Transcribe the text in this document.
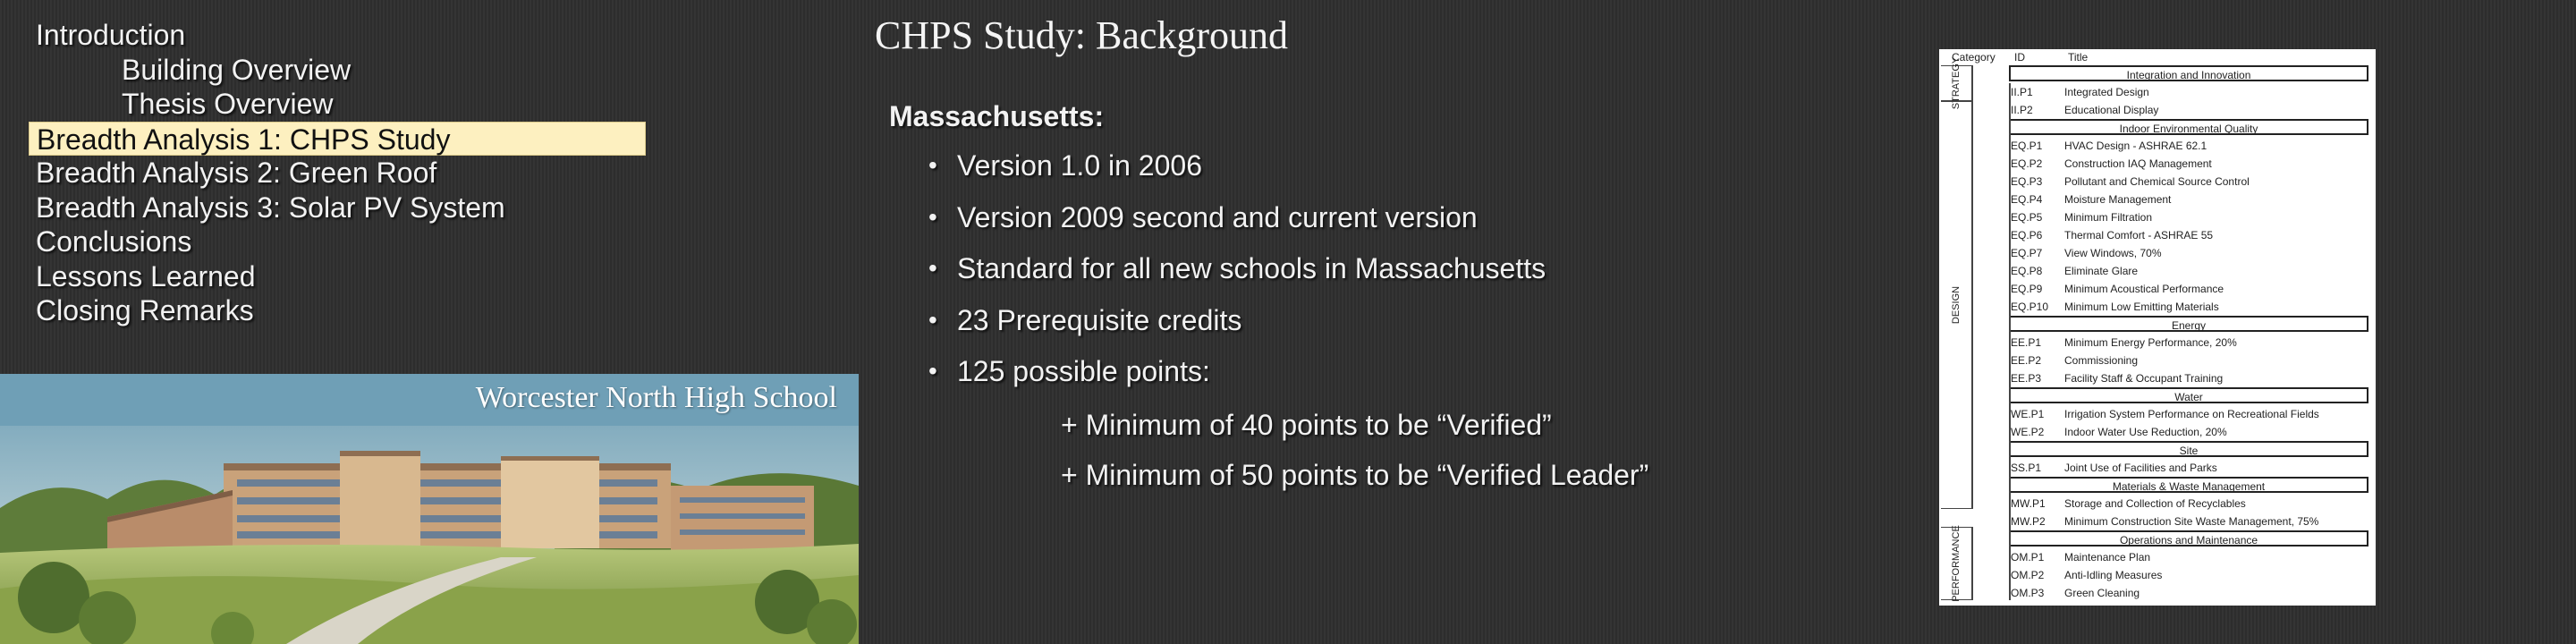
Introduction
Building Overview
Thesis Overview
Breadth Analysis 1: CHPS Study
Breadth Analysis 2: Green Roof
Breadth Analysis 3: Solar PV System
Conclusions
Lessons Learned
Closing Remarks
Worcester North High School
CHPS Study: Background
Massachusetts:
• Version 1.0 in 2006
• Version 2009 second and current version
• Standard for all new schools in Massachusetts
• 23 Prerequisite credits
• 125 possible points:
+ Minimum of 40 points to be “Verified”
+ Minimum of 50 points to be “Verified Leader”
Category ID	Title
STRATEGY
DESIGN
PERFORMANCE
Integration and Innovation
II.P1	Integrated Design
II.P2	Educational Display
Indoor Environmental Quality
EQ.P1	HVAC Design - ASHRAE 62.1
EQ.P2	Construction IAQ Management
EQ.P3	Pollutant and Chemical Source Control
EQ.P4	Moisture Management
EQ.P5	Minimum Filtration
EQ.P6	Thermal Comfort - ASHRAE 55
EQ.P7	View Windows, 70%
EQ.P8	Eliminate Glare
EQ.P9	Minimum Acoustical Performance
EQ.P10	Minimum Low Emitting Materials
Energy
EE.P1	Minimum Energy Performance, 20%
EE.P2	Commissioning
EE.P3	Facility Staff & Occupant Training
Water
WE.P1	Irrigation System Performance on Recreational Fields
WE.P2	Indoor Water Use Reduction, 20%
Site
SS.P1	Joint Use of Facilities and Parks
Materials & Waste Management
MW.P1	Storage and Collection of Recyclables
MW.P2	Minimum Construction Site Waste Management, 75%
Operations and Maintenance
OM.P1	Maintenance Plan
OM.P2	Anti-Idling Measures
OM.P3	Green Cleaning
